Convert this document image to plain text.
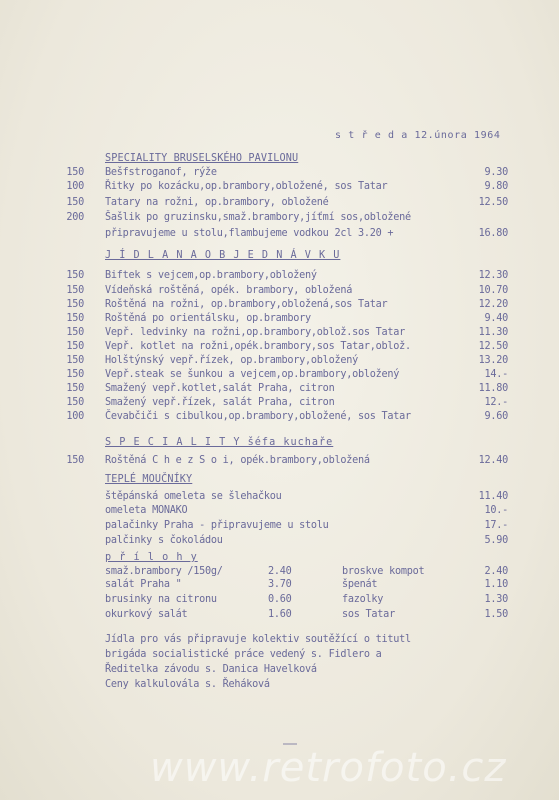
s t ř e d a 12.února 1964
SPECIALITY BRUSELSKÉHO PAVILONU
150 Bešfstroganof, rýže	9.30
100 Řitky po kozácku,op.brambory,obložené, sos Tatar	9.80
150 Tatary na rožni, op.brambory, obložené	12.50
200 Šašlik po gruzinsku,smaž.brambory,jíťmí sos,obložené
připravujeme u stolu,flambujeme vodkou 2cl 3.20 +	16.80
J Í D L A N A O B J E D N Á V K U
150 Biftek s vejcem,op.brambory,obložený	12.30
150 Vídeňská roštěná, opék. brambory, obložená	10.70
150 Roštěná na rožni, op.brambory,obložená,sos Tatar	12.20
150 Roštěná po orientálsku, op.brambory	9.40
150 Vepř. ledvinky na rožni,op.brambory,oblož.sos Tatar	11.30
150 Vepř. kotlet na rožni,opék.brambory,sos Tatar,oblož.	12.50
150 Holštýnský vepř.řízek, op.brambory,obložený	13.20
150 Vepř.steak se šunkou a vejcem,op.brambory,obložený	14.-
150 Smažený vepř.kotlet,salát Praha, citron	11.80
150 Smažený vepř.řízek, salát Praha, citron	12.-
100 Čevabčiči s cibulkou,op.brambory,obložené, sos Tatar	9.60
S P E C I A L I T Y šéfa kuchaře
150 Roštěná C h e z S o i, opék.brambory,obložená	12.40
TEPLÉ MOUČNÍKY
štěpánská omeleta se šlehačkou	11.40
omeleta MONAKO	10.-
palačinky Praha - připravujeme u stolu	17.-
palčinky s čokoládou	5.90
p ř í l o h y
smaž.brambory /150g/	2.40	broskve kompot	2.40
salát Praha "	3.70	špenát	1.10
brusinky na citronu	0.60	fazolky	1.30
okurkový salát	1.60	sos Tatar	1.50
Jídla pro vás připravuje kolektiv soutěžící o titutl
brigáda socialistické práce vedený s. Fidlero a
Ředitelka závodu s. Danica Havelková
Ceny kalkulovála s. Řeháková
www.retrofoto.cz
